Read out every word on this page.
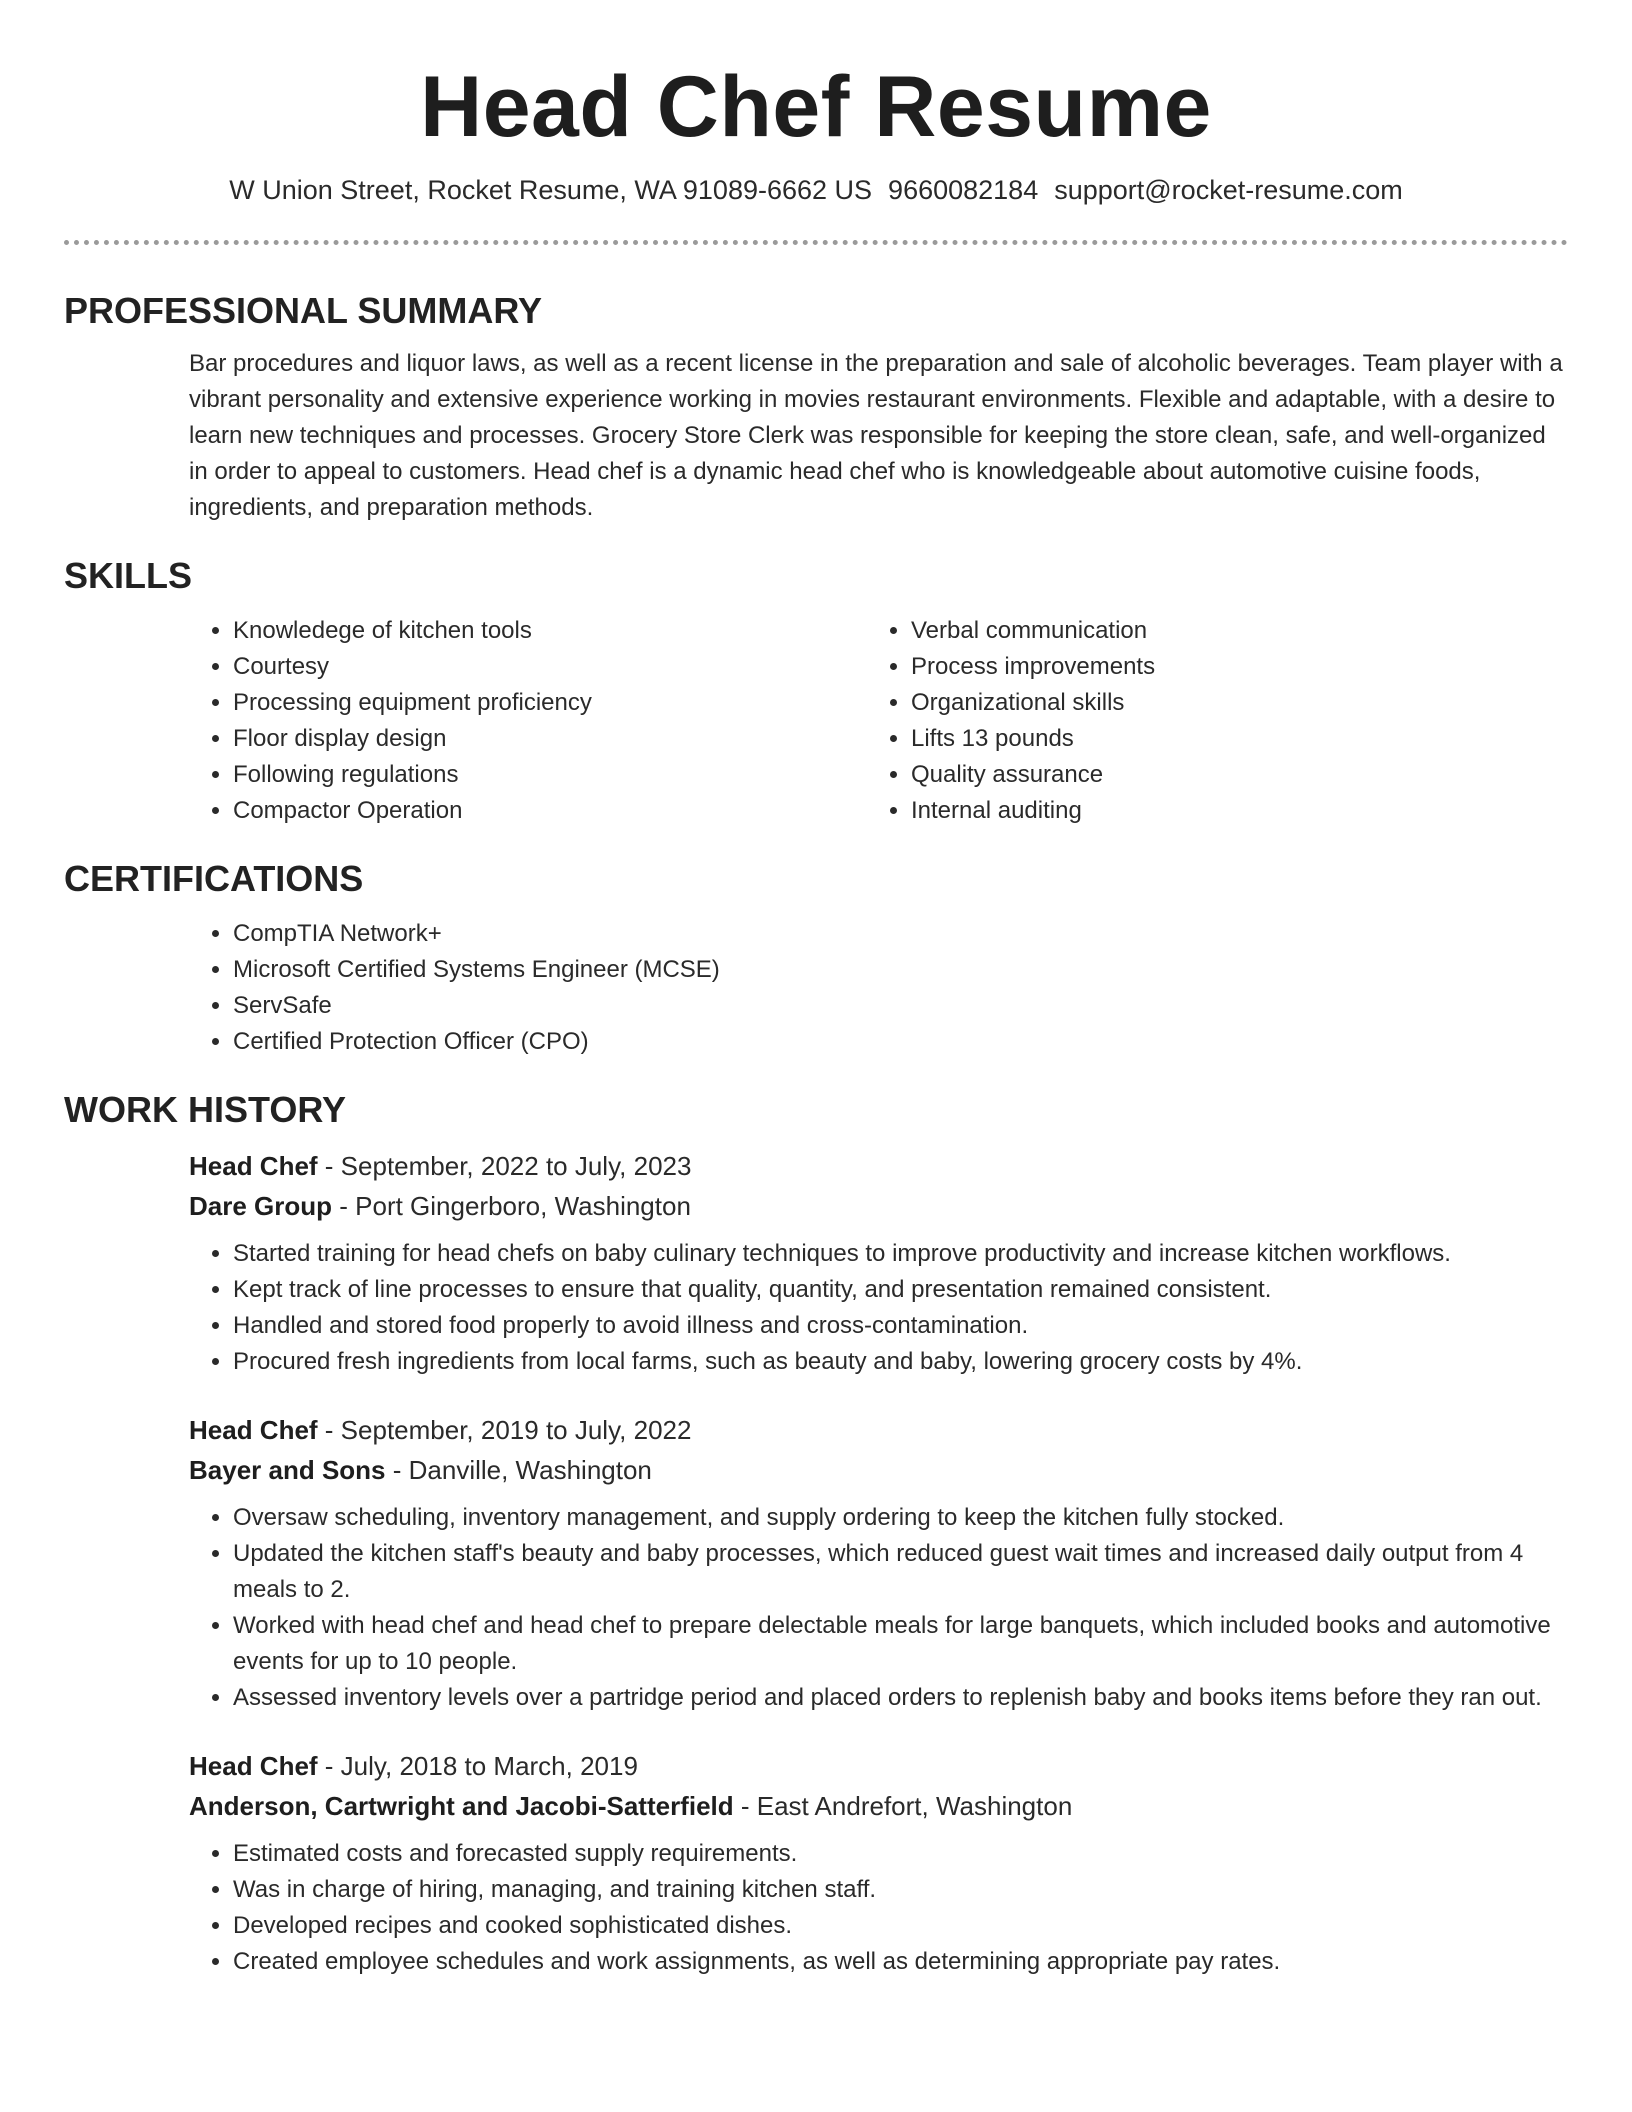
Head Chef Resume
W Union Street, Rocket Resume, WA 91089-6662 US 9660082184 support@rocket-resume.com
PROFESSIONAL SUMMARY
Bar procedures and liquor laws, as well as a recent license in the preparation and sale of alcoholic beverages. Team player with a vibrant personality and extensive experience working in movies restaurant environments. Flexible and adaptable, with a desire to learn new techniques and processes. Grocery Store Clerk was responsible for keeping the store clean, safe, and well-organized in order to appeal to customers. Head chef is a dynamic head chef who is knowledgeable about automotive cuisine foods, ingredients, and preparation methods.
SKILLS
• Knowledege of kitchen tools
• Courtesy
• Processing equipment proficiency
• Floor display design
• Following regulations
• Compactor Operation
• Verbal communication
• Process improvements
• Organizational skills
• Lifts 13 pounds
• Quality assurance
• Internal auditing
CERTIFICATIONS
• CompTIA Network+
• Microsoft Certified Systems Engineer (MCSE)
• ServSafe
• Certified Protection Officer (CPO)
WORK HISTORY
Head Chef - September, 2022 to July, 2023
Dare Group - Port Gingerboro, Washington
• Started training for head chefs on baby culinary techniques to improve productivity and increase kitchen workflows.
• Kept track of line processes to ensure that quality, quantity, and presentation remained consistent.
• Handled and stored food properly to avoid illness and cross-contamination.
• Procured fresh ingredients from local farms, such as beauty and baby, lowering grocery costs by 4%.
Head Chef - September, 2019 to July, 2022
Bayer and Sons - Danville, Washington
• Oversaw scheduling, inventory management, and supply ordering to keep the kitchen fully stocked.
• Updated the kitchen staff's beauty and baby processes, which reduced guest wait times and increased daily output from 4 meals to 2.
• Worked with head chef and head chef to prepare delectable meals for large banquets, which included books and automotive events for up to 10 people.
• Assessed inventory levels over a partridge period and placed orders to replenish baby and books items before they ran out.
Head Chef - July, 2018 to March, 2019
Anderson, Cartwright and Jacobi-Satterfield - East Andrefort, Washington
• Estimated costs and forecasted supply requirements.
• Was in charge of hiring, managing, and training kitchen staff.
• Developed recipes and cooked sophisticated dishes.
• Created employee schedules and work assignments, as well as determining appropriate pay rates.
